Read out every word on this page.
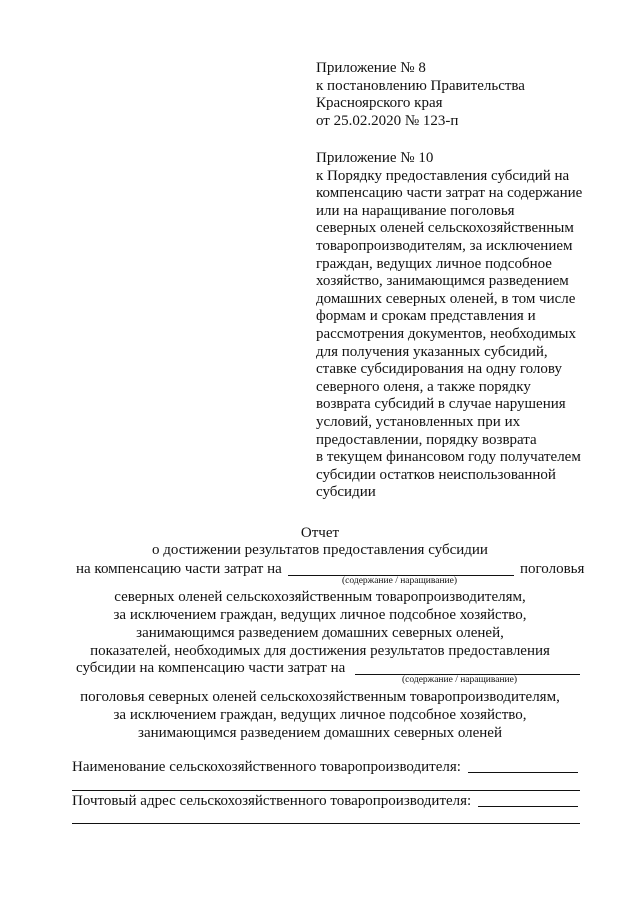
Приложение № 8
к постановлению Правительства
Красноярского края
от 25.02.2020 № 123-п
Приложение № 10
к Порядку предоставления субсидий на
компенсацию части затрат на содержание
или на наращивание поголовья
северных оленей сельскохозяйственным
товаропроизводителям, за исключением
граждан, ведущих личное подсобное
хозяйство, занимающимся разведением
домашних северных оленей, в том числе
формам и срокам представления и
рассмотрения документов, необходимых
для получения указанных субсидий,
ставке субсидирования на одну голову
северного оленя, а также порядку
возврата субсидий в случае нарушения
условий, установленных при их
предоставлении, порядку возврата
в текущем финансовом году получателем
субсидии остатков неиспользованной
субсидии
Отчет
о достижении результатов предоставления субсидии
на компенсацию части затрат на	поголовья
(содержание / наращивание)
северных оленей сельскохозяйственным товаропроизводителям,
за исключением граждан, ведущих личное подсобное хозяйство,
занимающимся разведением домашних северных оленей,
показателей, необходимых для достижения результатов предоставления
субсидии на компенсацию части затрат на
(содержание / наращивание)
поголовья северных оленей сельскохозяйственным товаропроизводителям,
за исключением граждан, ведущих личное подсобное хозяйство,
занимающимся разведением домашних северных оленей
Наименование сельскохозяйственного товаропроизводителя:
Почтовый адрес сельскохозяйственного товаропроизводителя:
